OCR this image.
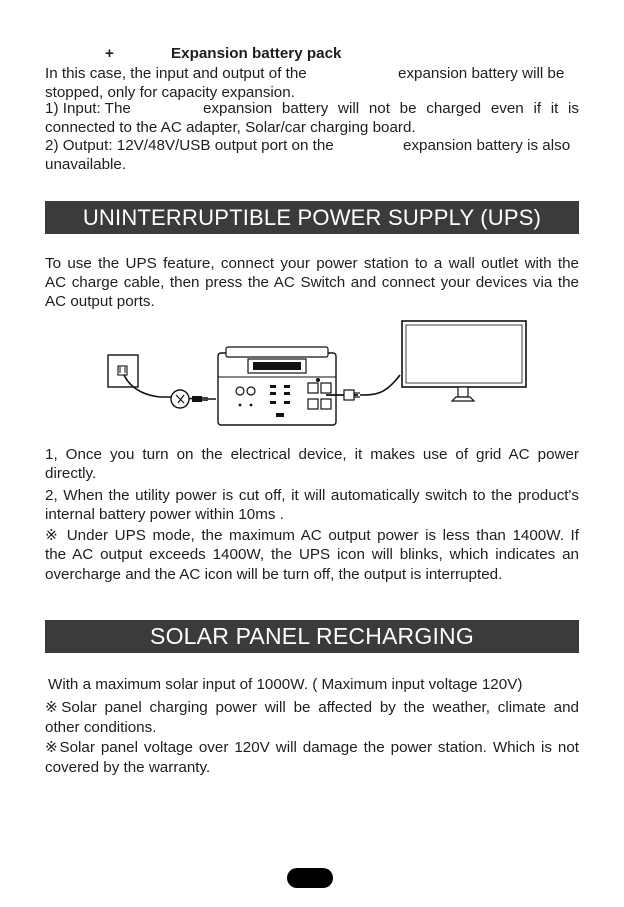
+	Expansion battery pack
In this case, the input and output of the	expansion battery will be
stopped, only for capacity expansion.
1) Input: The	expansion battery will not be charged even if it is
connected to the AC adapter, Solar/car charging board.
2) Output: 12V/48V/USB output port on the	expansion battery is also
unavailable.
UNINTERRUPTIBLE POWER SUPPLY (UPS)
To use the UPS feature, connect your power station to a wall outlet with the
AC charge cable, then press the AC Switch and connect your devices via the
AC output ports.
1, Once you turn on the electrical device, it makes use of grid AC power
directly.
2, When the utility power is cut off, it will automatically switch to the product's
internal battery power within 10ms .
※ Under UPS mode, the maximum AC output power is less than 1400W. If
the AC output exceeds 1400W, the UPS icon will blinks, which indicates an
overcharge and the AC icon will be turn off, the output is interrupted.
SOLAR PANEL RECHARGING
With a maximum solar input of 1000W. ( Maximum input voltage 120V)
※Solar panel charging power will be affected by the weather, climate and
other conditions.
※Solar panel voltage over 120V will damage the power station. Which is not
covered by the warranty.
